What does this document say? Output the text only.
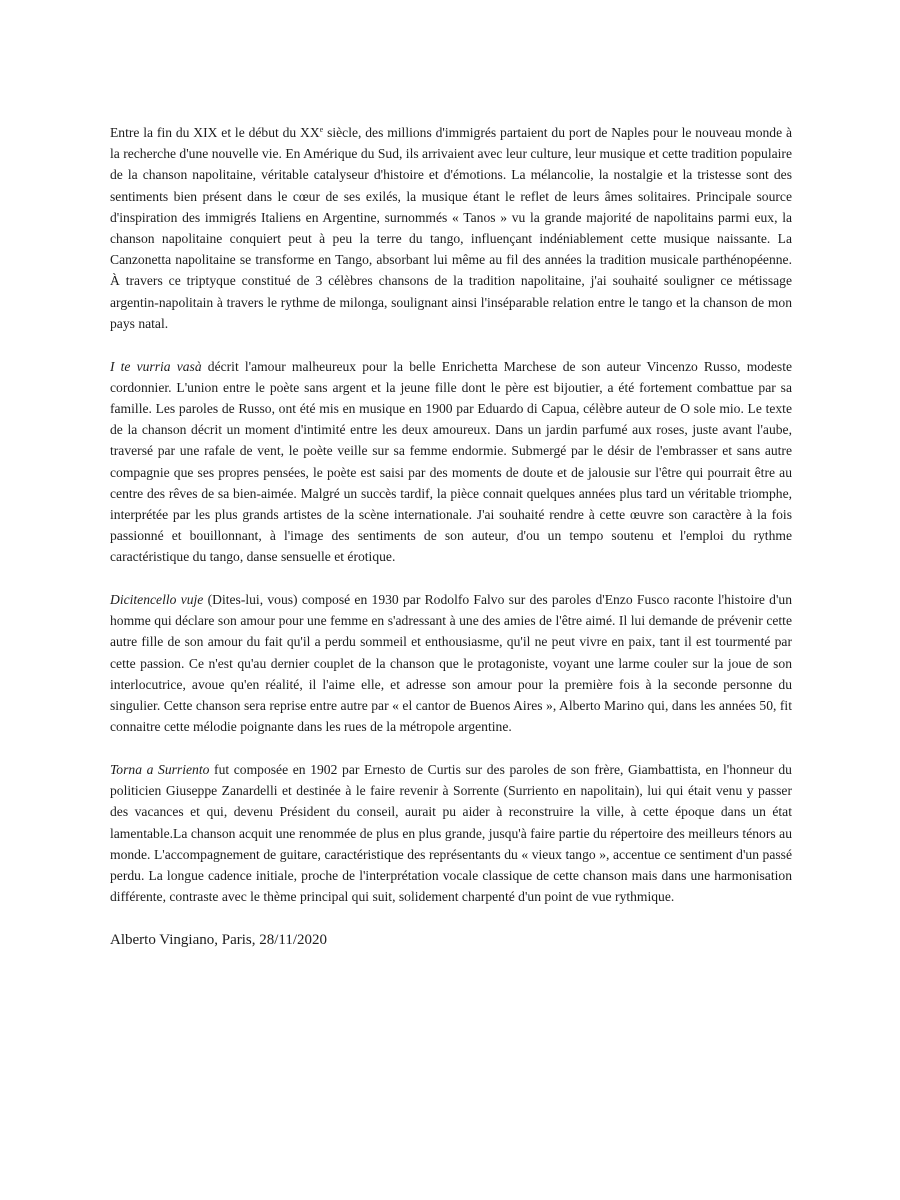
Entre la fin du XIX et le début du XXe siècle, des millions d'immigrés partaient du port de Naples pour le nouveau monde à la recherche d'une nouvelle vie. En Amérique du Sud, ils arrivaient avec leur culture, leur musique et cette tradition populaire de la chanson napolitaine, véritable catalyseur d'histoire et d'émotions. La mélancolie, la nostalgie et la tristesse sont des sentiments bien présent dans le cœur de ses exilés, la musique étant le reflet de leurs âmes solitaires. Principale source d'inspiration des immigrés Italiens en Argentine, surnommés « Tanos » vu la grande majorité de napolitains parmi eux, la chanson napolitaine conquiert peut à peu la terre du tango, influençant indéniablement cette musique naissante. La Canzonetta napolitaine se transforme en Tango, absorbant lui même au fil des années la tradition musicale parthénopéenne. À travers ce triptyque constitué de 3 célèbres chansons de la tradition napolitaine, j'ai souhaité souligner ce métissage argentin-napolitain à travers le rythme de milonga, soulignant ainsi l'inséparable relation entre le tango et la chanson de mon pays natal.

I te vurria vasà décrit l'amour malheureux pour la belle Enrichetta Marchese de son auteur Vincenzo Russo, modeste cordonnier. L'union entre le poète sans argent et la jeune fille dont le père est bijoutier, a été fortement combattue par sa famille. Les paroles de Russo, ont été mis en musique en 1900 par Eduardo di Capua, célèbre auteur de O sole mio. Le texte de la chanson décrit un moment d'intimité entre les deux amoureux. Dans un jardin parfumé aux roses, juste avant l'aube, traversé par une rafale de vent, le poète veille sur sa femme endormie. Submergé par le désir de l'embrasser et sans autre compagnie que ses propres pensées, le poète est saisi par des moments de doute et de jalousie sur l'être qui pourrait être au centre des rêves de sa bien-aimée. Malgré un succès tardif, la pièce connait quelques années plus tard un véritable triomphe, interprétée par les plus grands artistes de la scène internationale. J'ai souhaité rendre à cette œuvre son caractère à la fois passionné et bouillonnant, à l'image des sentiments de son auteur, d'ou un tempo soutenu et l'emploi du rythme caractéristique du tango, danse sensuelle et érotique.

Dicitencello vuje (Dites-lui, vous) composé en 1930 par Rodolfo Falvo sur des paroles d'Enzo Fusco raconte l'histoire d'un homme qui déclare son amour pour une femme en s'adressant à une des amies de l'être aimé. Il lui demande de prévenir cette autre fille de son amour du fait qu'il a perdu sommeil et enthousiasme, qu'il ne peut vivre en paix, tant il est tourmenté par cette passion. Ce n'est qu'au dernier couplet de la chanson que le protagoniste, voyant une larme couler sur la joue de son interlocutrice, avoue qu'en réalité, il l'aime elle, et adresse son amour pour la première fois à la seconde personne du singulier. Cette chanson sera reprise entre autre par « el cantor de Buenos Aires », Alberto Marino qui, dans les années 50, fit connaitre cette mélodie poignante dans les rues de la métropole argentine.

Torna a Surriento fut composée en 1902 par Ernesto de Curtis sur des paroles de son frère, Giambattista, en l'honneur du politicien Giuseppe Zanardelli et destinée à le faire revenir à Sorrente (Surriento en napolitain), lui qui était venu y passer des vacances et qui, devenu Président du conseil, aurait pu aider à reconstruire la ville, à cette époque dans un état lamentable.La chanson acquit une renommée de plus en plus grande, jusqu'à faire partie du répertoire des meilleurs ténors au monde. L'accompagnement de guitare, caractéristique des représentants du « vieux tango », accentue ce sentiment d'un passé perdu. La longue cadence initiale, proche de l'interprétation vocale classique de cette chanson mais dans une harmonisation différente, contraste avec le thème principal qui suit, solidement charpenté d'un point de vue rythmique.

Alberto Vingiano, Paris, 28/11/2020
